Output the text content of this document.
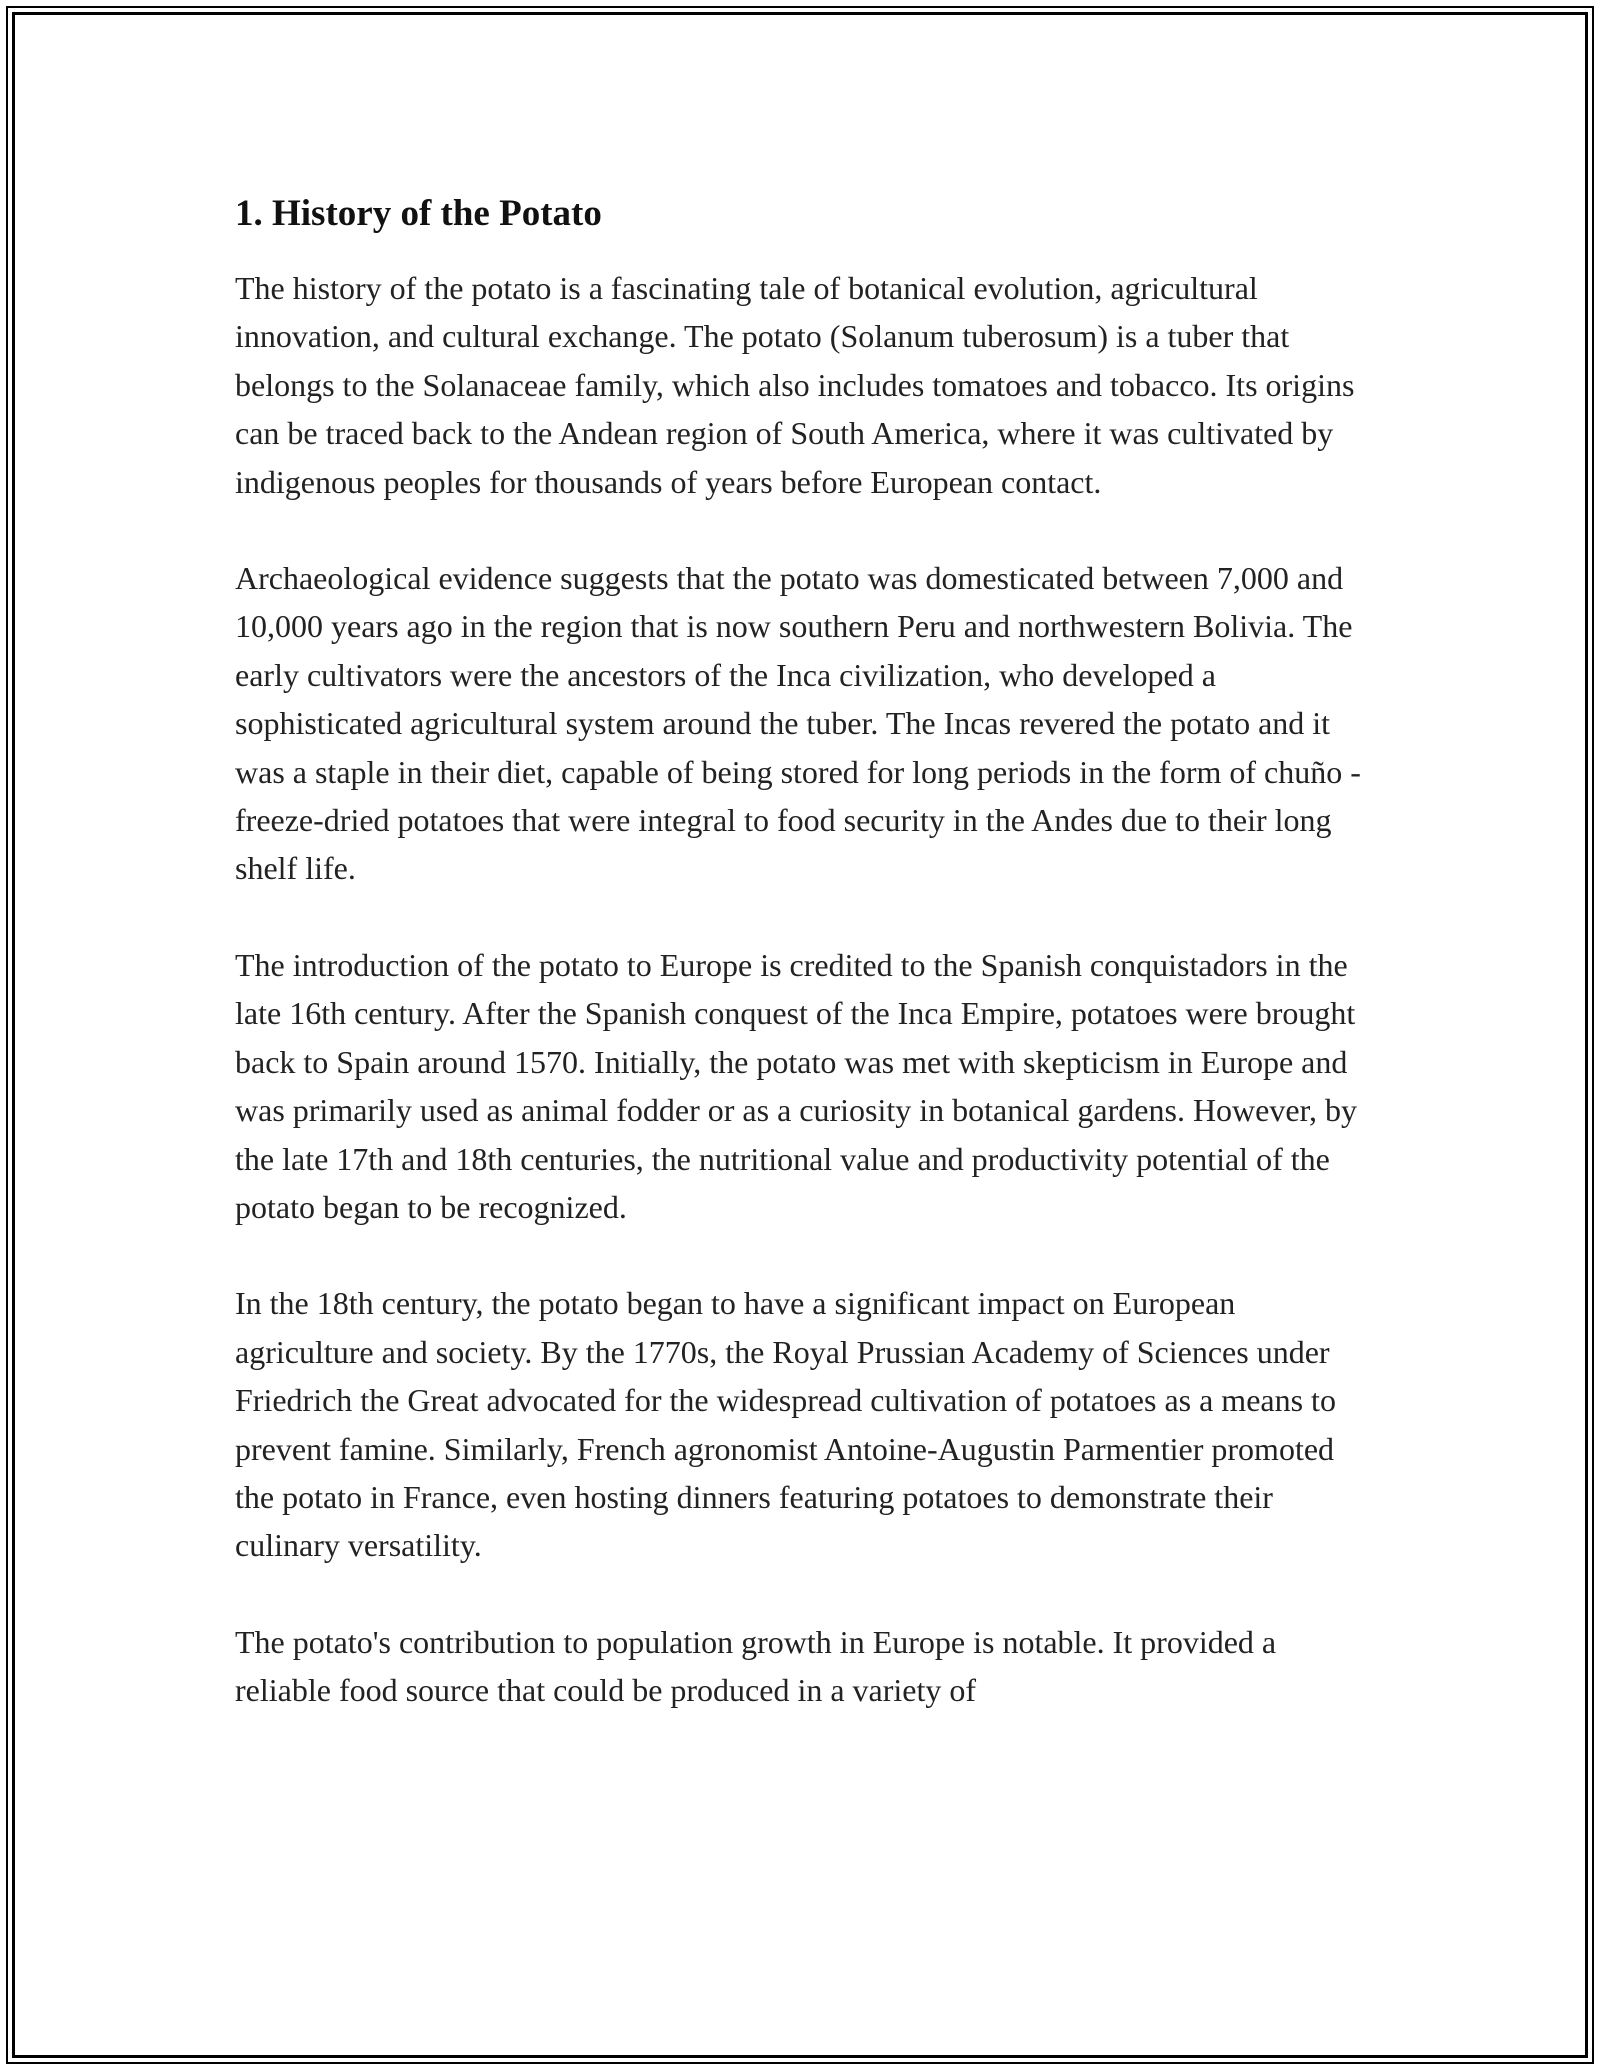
1. History of the Potato

The history of the potato is a fascinating tale of botanical evolution, agricultural innovation, and cultural exchange. The potato (Solanum tuberosum) is a tuber that belongs to the Solanaceae family, which also includes tomatoes and tobacco. Its origins can be traced back to the Andean region of South America, where it was cultivated by indigenous peoples for thousands of years before European contact.

Archaeological evidence suggests that the potato was domesticated between 7,000 and 10,000 years ago in the region that is now southern Peru and northwestern Bolivia. The early cultivators were the ancestors of the Inca civilization, who developed a sophisticated agricultural system around the tuber. The Incas revered the potato and it was a staple in their diet, capable of being stored for long periods in the form of chuño - freeze-dried potatoes that were integral to food security in the Andes due to their long shelf life.

The introduction of the potato to Europe is credited to the Spanish conquistadors in the late 16th century. After the Spanish conquest of the Inca Empire, potatoes were brought back to Spain around 1570. Initially, the potato was met with skepticism in Europe and was primarily used as animal fodder or as a curiosity in botanical gardens. However, by the late 17th and 18th centuries, the nutritional value and productivity potential of the potato began to be recognized.

In the 18th century, the potato began to have a significant impact on European agriculture and society. By the 1770s, the Royal Prussian Academy of Sciences under Friedrich the Great advocated for the widespread cultivation of potatoes as a means to prevent famine. Similarly, French agronomist Antoine-Augustin Parmentier promoted the potato in France, even hosting dinners featuring potatoes to demonstrate their culinary versatility.

The potato's contribution to population growth in Europe is notable. It provided a reliable food source that could be produced in a variety of
